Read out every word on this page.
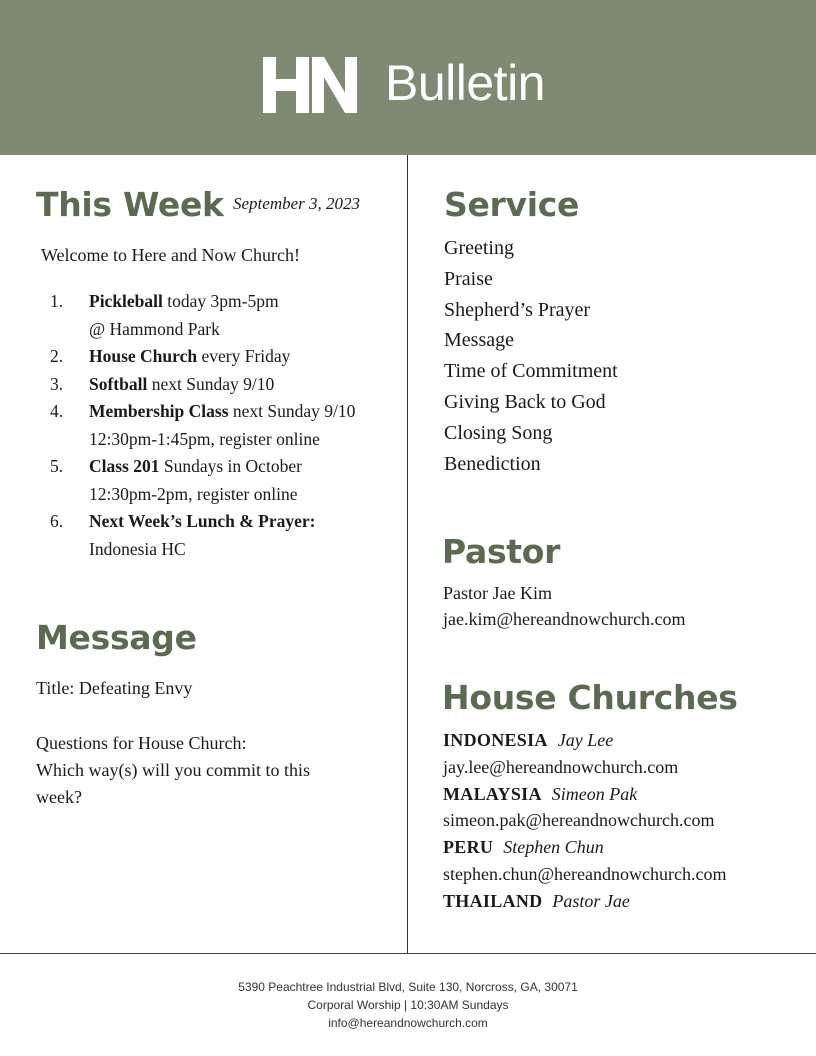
Bulletin
This Week September 3, 2023
Welcome to Here and Now Church!
1.	Pickleball today 3pm-5pm
@ Hammond Park
2.	House Church every Friday
3.	Softball next Sunday 9/10
4.	Membership Class next Sunday 9/10
12:30pm-1:45pm, register online
5.	Class 201 Sundays in October
12:30pm-2pm, register online
6.	Next Week’s Lunch & Prayer:
Indonesia HC
Message
Title: Defeating Envy
Questions for House Church:
Which way(s) will you commit to this
week?
Service
Greeting
Praise
Shepherd’s Prayer
Message
Time of Commitment
Giving Back to God
Closing Song
Benediction
Pastor
Pastor Jae Kim
jae.kim@hereandnowchurch.com
House Churches
INDONESIA Jay Lee
jay.lee@hereandnowchurch.com
MALAYSIA Simeon Pak
simeon.pak@hereandnowchurch.com
PERU Stephen Chun
stephen.chun@hereandnowchurch.com
THAILAND Pastor Jae
5390 Peachtree Industrial Blvd, Suite 130, Norcross, GA, 30071
Corporal Worship | 10:30AM Sundays
info@hereandnowchurch.com
